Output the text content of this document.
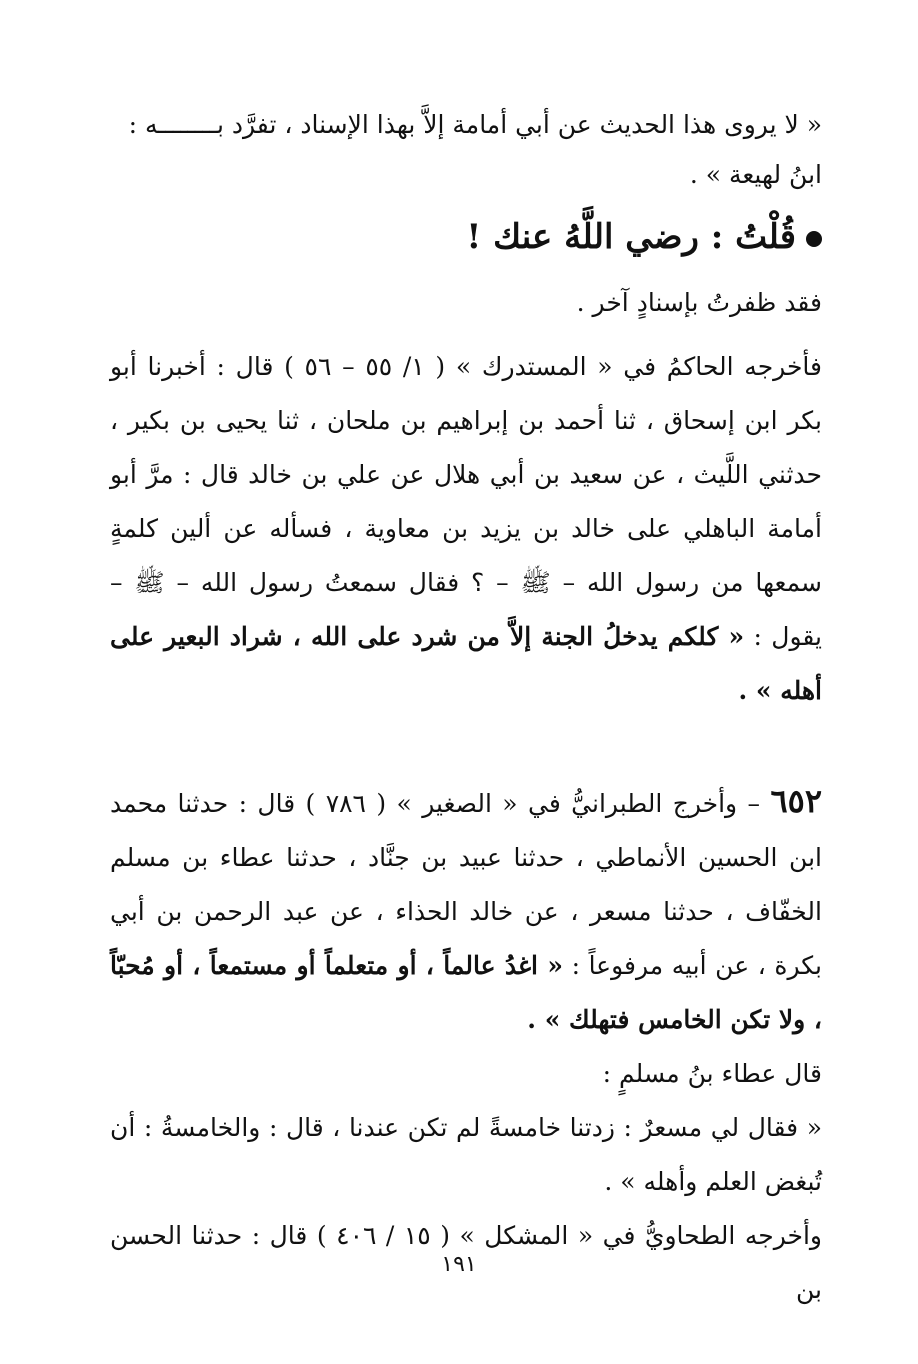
« لا يروى هذا الحديث عن أبي أمامة إلاَّ بهذا الإسناد ، تفرَّد بــــــــه :
ابنُ لهيعة » .
قُلْتُ : رضي اللَّهُ عنك !
فقد ظفرتُ بإسنادٍ آخر .
فأخرجه الحاكمُ في « المستدرك » ( ١/ ٥٥ – ٥٦ ) قال : أخبرنا أبو بكر ابن إسحاق ، ثنا أحمد بن إبراهيم بن ملحان ، ثنا يحيى بن بكير ، حدثني اللَّيث ، عن سعيد بن أبي هلال عن علي بن خالد قال : مرَّ أبو أمامة الباهلي على خالد بن يزيد بن معاوية ، فسأله عن ألين كلمةٍ سمعها من رسول الله – ﷺ – ؟ فقال سمعتُ رسول الله – ﷺ – يقول : « كلكم يدخلُ الجنة إلاَّ من شرد على الله ، شراد البعير على أهله » .
٦٥٢ – وأخرج الطبرانيُّ في « الصغير » ( ٧٨٦ ) قال : حدثنا محمد ابن الحسين الأنماطي ، حدثنا عبيد بن جنَّاد ، حدثنا عطاء بن مسلم الخفّاف ، حدثنا مسعر ، عن خالد الحذاء ، عن عبد الرحمن بن أبي بكرة ، عن أبيه مرفوعاً : « اغدُ عالماً ، أو متعلماً أو مستمعاً ، أو مُحبّاً ، ولا تكن الخامس فتهلك » .
قال عطاء بنُ مسلمٍ :
« فقال لي مسعرٌ : زدتنا خامسةً لم تكن عندنا ، قال : والخامسةُ : أن تُبغض العلم وأهله » .
وأخرجه الطحاويُّ في « المشكل » ( ١٥ / ٤٠٦ ) قال : حدثنا الحسن بن
١٩١
